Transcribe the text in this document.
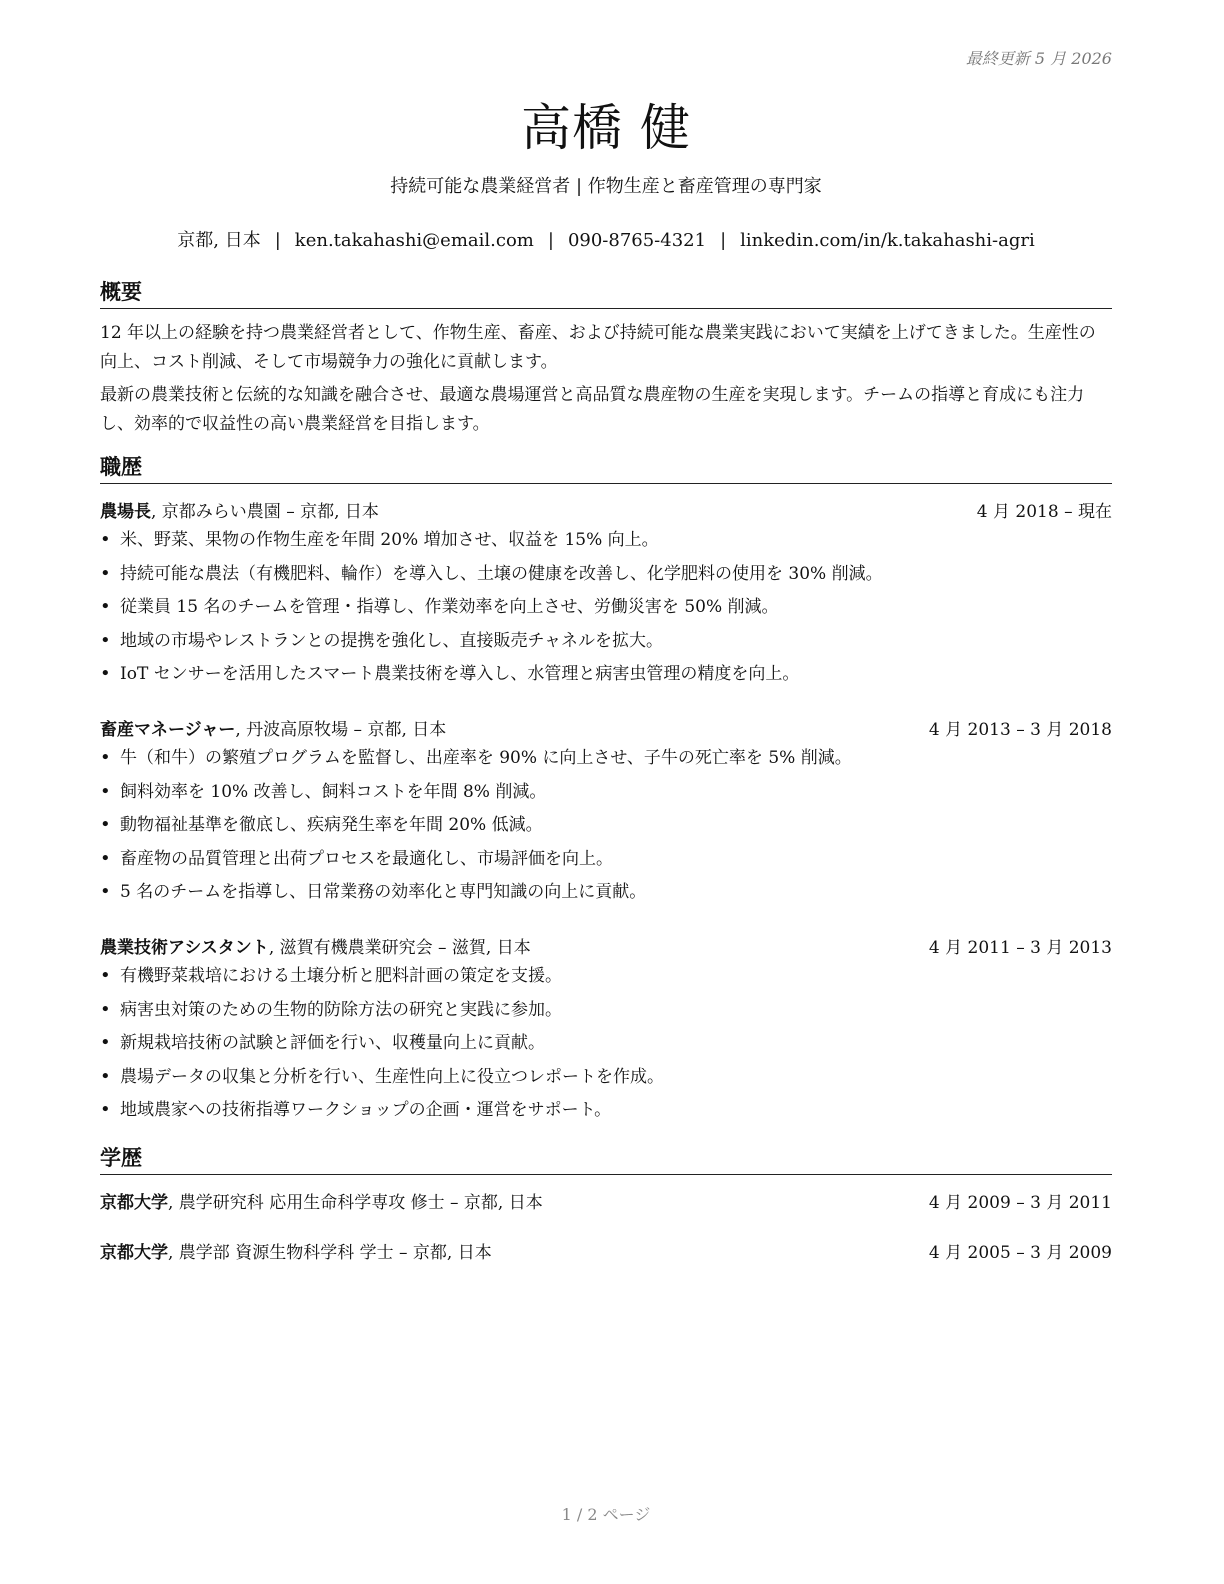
最終更新 5 月 2026
高橋 健
持続可能な農業経営者 | 作物生産と畜産管理の専門家
京都, 日本 | ken.takahashi@email.com | 090-8765-4321 | linkedin.com/in/k.takahashi-agri
概要
12 年以上の経験を持つ農業経営者として、作物生産、畜産、および持続可能な農業実践において実績を上げてきました。生産性の向上、コスト削減、そして市場競争力の強化に貢献します。
最新の農業技術と伝統的な知識を融合させ、最適な農場運営と高品質な農産物の生産を実現します。チームの指導と育成にも注力し、効率的で収益性の高い農業経営を目指します。
職歴
農場長, 京都みらい農園 – 京都, 日本	4 月 2018 – 現在
• 米、野菜、果物の作物生産を年間 20% 増加させ、収益を 15% 向上。
• 持続可能な農法（有機肥料、輪作）を導入し、土壌の健康を改善し、化学肥料の使用を 30% 削減。
• 従業員 15 名のチームを管理・指導し、作業効率を向上させ、労働災害を 50% 削減。
• 地域の市場やレストランとの提携を強化し、直接販売チャネルを拡大。
• IoT センサーを活用したスマート農業技術を導入し、水管理と病害虫管理の精度を向上。
畜産マネージャー, 丹波高原牧場 – 京都, 日本	4 月 2013 – 3 月 2018
• 牛（和牛）の繁殖プログラムを監督し、出産率を 90% に向上させ、子牛の死亡率を 5% 削減。
• 飼料効率を 10% 改善し、飼料コストを年間 8% 削減。
• 動物福祉基準を徹底し、疾病発生率を年間 20% 低減。
• 畜産物の品質管理と出荷プロセスを最適化し、市場評価を向上。
• 5 名のチームを指導し、日常業務の効率化と専門知識の向上に貢献。
農業技術アシスタント, 滋賀有機農業研究会 – 滋賀, 日本	4 月 2011 – 3 月 2013
• 有機野菜栽培における土壌分析と肥料計画の策定を支援。
• 病害虫対策のための生物的防除方法の研究と実践に参加。
• 新規栽培技術の試験と評価を行い、収穫量向上に貢献。
• 農場データの収集と分析を行い、生産性向上に役立つレポートを作成。
• 地域農家への技術指導ワークショップの企画・運営をサポート。
学歴
京都大学, 農学研究科 応用生命科学専攻 修士 – 京都, 日本	4 月 2009 – 3 月 2011
京都大学, 農学部 資源生物科学科 学士 – 京都, 日本	4 月 2005 – 3 月 2009
1 / 2 ページ
